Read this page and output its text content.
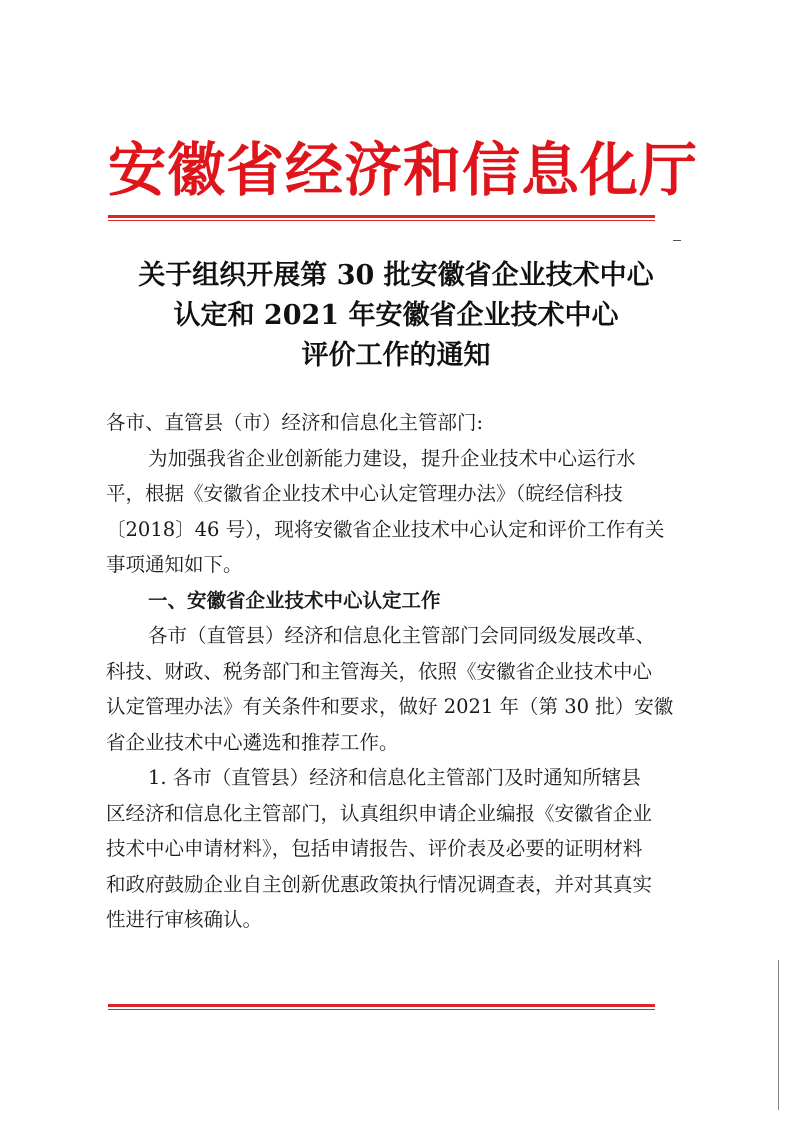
安徽省经济和信息化厅
关于组织开展第 30 批安徽省企业技术中心
认定和 2021 年安徽省企业技术中心
评价工作的通知

各市、直管县（市）经济和信息化主管部门:

为加强我省企业创新能力建设，提升企业技术中心运行水

平，根据《安徽省企业技术中心认定管理办法》（皖经信科技

〔2018〕46 号），现将安徽省企业技术中心认定和评价工作有关

事项通知如下。

一、安徽省企业技术中心认定工作

各市（直管县）经济和信息化主管部门会同同级发展改革、

科技、财政、税务部门和主管海关，依照《安徽省企业技术中心

认定管理办法》有关条件和要求，做好 2021 年（第 30 批）安徽

省企业技术中心遴选和推荐工作。

1. 各市（直管县）经济和信息化主管部门及时通知所辖县

区经济和信息化主管部门，认真组织申请企业编报《安徽省企业

技术中心申请材料》，包括申请报告、评价表及必要的证明材料

和政府鼓励企业自主创新优惠政策执行情况调查表，并对其真实

性进行审核确认。
